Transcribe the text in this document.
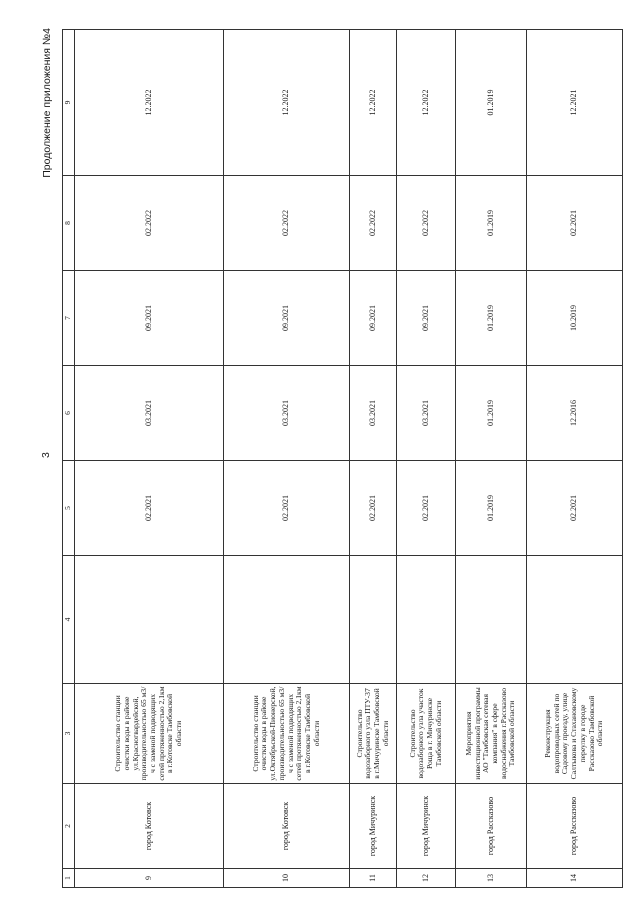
Продолжение приложения №4
3
1	2	3	4	5	6	7	8	9
9	город Котовск	Строительство станции очистки воды в районе ул.Красногвардейской, производительностью 65 м3/ч с заменой подводящих сетей протяженностью 2,1км в г.Котовске Тамбовской области		02.2021	03.2021	09.2021	02.2022	12.2022
10	город Котовск	Строительство станции очистки воды в районе ул.Октябрьской-Пионерской, производительностью 65 м3/ч с заменой подводящих сетей протяженностью 2,1км в г.Котовске Тамбовской области		02.2021	03.2021	09.2021	02.2022	12.2022
11	город Мичуринск	Строительство водозаборного узла ПТУ-37 в г.Мичуринске Тамбовской области		02.2021	03.2021	09.2021	02.2022	12.2022
12	город Мичуринск	Строительство водозаборного узла участок Роща в г. Мичуринске Тамбовской области		02.2021	03.2021	09.2021	02.2022	12.2022
13	город Рассказово	Мероприятия инвестиционной программы АО "Тамбовская сетевая компания" в сфере водоснабжения г.Рассказово Тамбовской области		01.2019	01.2019	01.2019	01.2019	01.2019
14	город Рассказово	Реконструкция водопроводных сетей по Садовому проезду, улице Салтыкова и Стахановскому переулку в городе Рассказово Тамбовской области		02.2021	12.2016	10.2019	02.2021	12.2021
